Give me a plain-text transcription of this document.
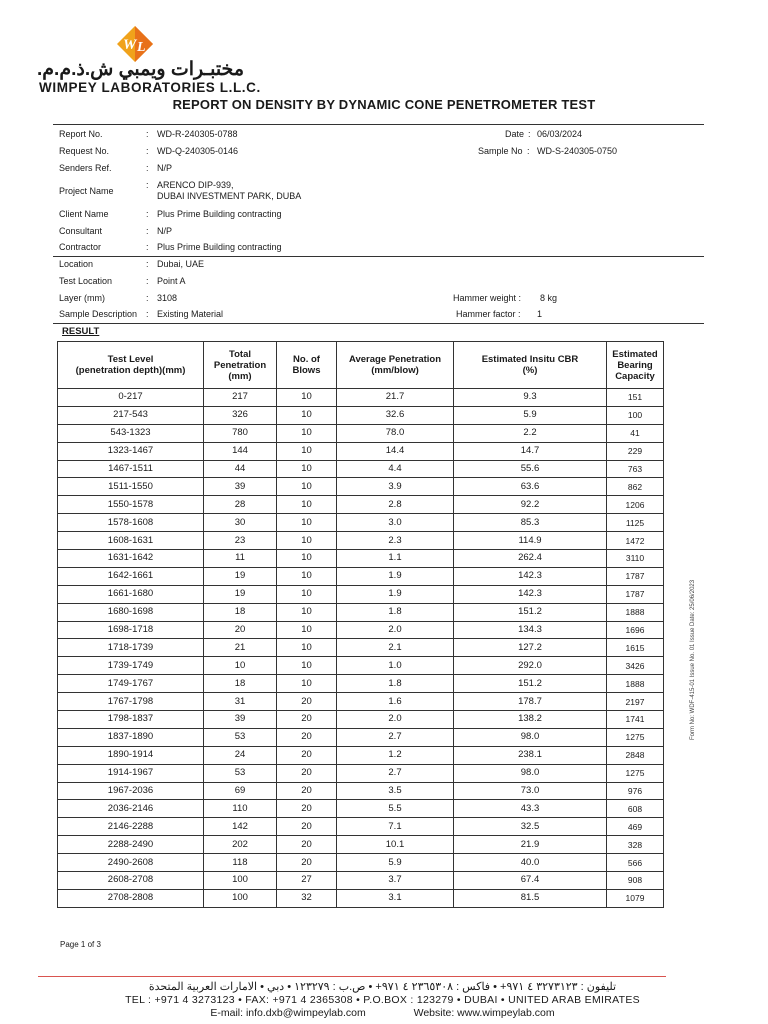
W L
مختبـرات ويمبي ش.ذ.م.م.
WIMPEY LABORATORIES L.L.C.
REPORT ON DENSITY BY DYNAMIC CONE PENETROMETER TEST
Report No.	: WD-R-240305-0788	Date : 06/03/2024
Request No.	: WD-Q-240305-0146	Sample No : WD-S-240305-0750
Senders Ref.	: N/P
Project Name
: ARENCO DIP-939,
DUBAI INVESTMENT PARK, DUBA
Client Name	: Plus Prime Building contracting
Consultant	: N/P
Contractor	: Plus Prime Building contracting
Location	: Dubai, UAE
Test Location	: Point A
Layer (mm)	: 3108	Hammer weight : 8 kg
Sample Description : Existing Material	Hammer factor : 1
RESULT
Test Level
(penetration depth)(mm)	Total
Penetration
(mm)	No. of
Blows	Average Penetration
(mm/blow)	Estimated Insitu CBR
(%)	Estimated
Bearing
Capacity
0-217	217	10	21.7	9.3	151
217-543	326	10	32.6	5.9	100
543-1323	780	10	78.0	2.2	41
1323-1467	144	10	14.4	14.7	229
1467-1511	44	10	4.4	55.6	763
1511-1550	39	10	3.9	63.6	862
1550-1578	28	10	2.8	92.2	1206
1578-1608	30	10	3.0	85.3	1125
1608-1631	23	10	2.3	114.9	1472
1631-1642	11	10	1.1	262.4	3110
1642-1661	19	10	1.9	142.3	1787
1661-1680	19	10	1.9	142.3	1787
1680-1698	18	10	1.8	151.2	1888
1698-1718	20	10	2.0	134.3	1696
1718-1739	21	10	2.1	127.2	1615
1739-1749	10	10	1.0	292.0	3426
1749-1767	18	10	1.8	151.2	1888
1767-1798	31	20	1.6	178.7	2197
1798-1837	39	20	2.0	138.2	1741
1837-1890	53	20	2.7	98.0	1275
1890-1914	24	20	1.2	238.1	2848
1914-1967	53	20	2.7	98.0	1275
1967-2036	69	20	3.5	73.0	976
2036-2146	110	20	5.5	43.3	608
2146-2288	142	20	7.1	32.5	469
2288-2490	202	20	10.1	21.9	328
2490-2608	118	20	5.9	40.0	566
2608-2708	100	27	3.7	67.4	908
2708-2808	100	32	3.1	81.5	1079
Page 1 of 3
Form No: WDF-415-01 Issue No. 01 Issue Date: 25/06/2023
تليفون : ٣٢٧٣١٢٣ ٤ ٩٧١+ • فاكس : ٢٣٦٥٣٠٨ ٤ ٩٧١+ • ص.ب : ١٢٣٢٧٩ • دبي • الامارات العربية المتحدة
TEL : +971 4 3273123 • FAX: +971 4 2365308 • P.O.BOX : 123279 • DUBAI • UNITED ARAB EMIRATES
E-mail: info.dxb@wimpeylab.com	Website: www.wimpeylab.com
